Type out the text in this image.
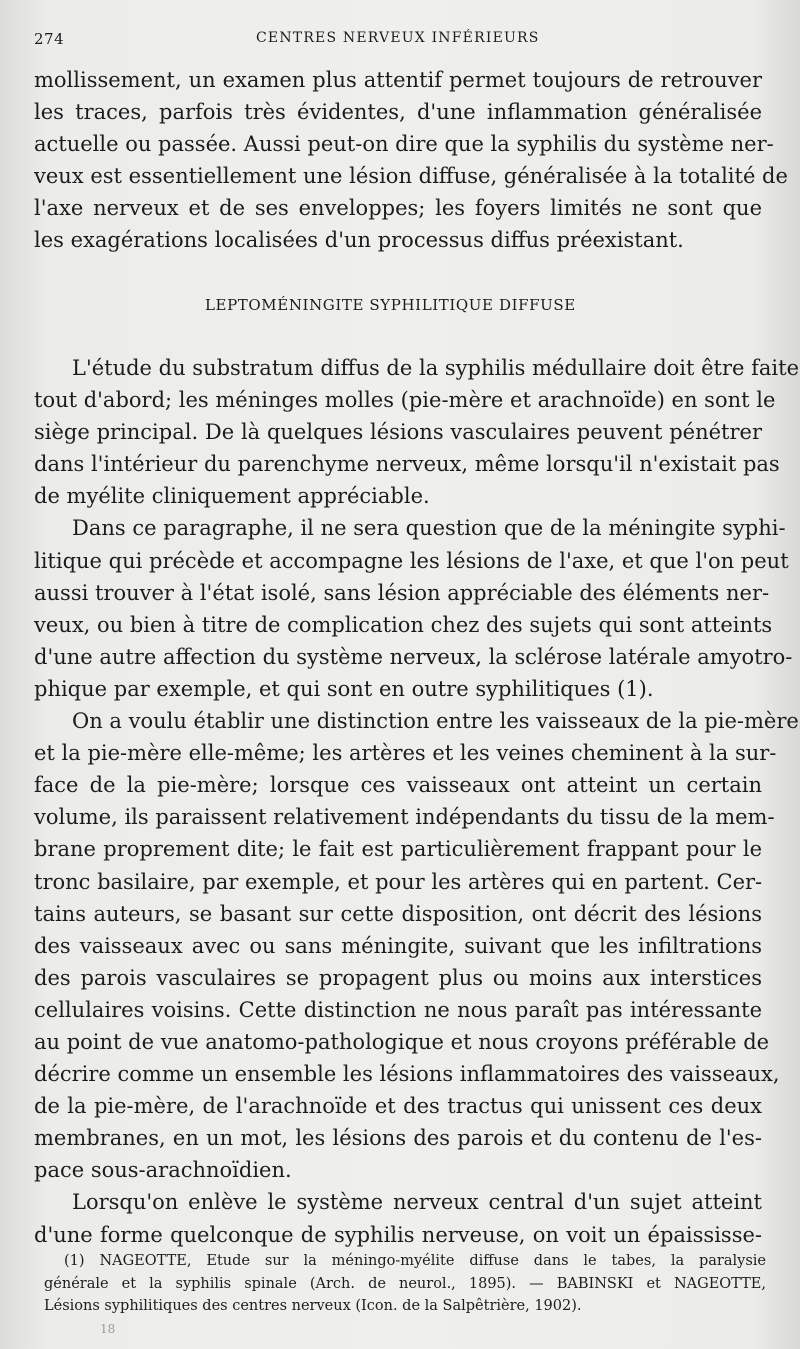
274	CENTRES NERVEUX INFÉRIEURS
mollissement, un examen plus attentif permet toujours de retrouver
les traces, parfois très évidentes, d'une inflammation généralisée
actuelle ou passée. Aussi peut-on dire que la syphilis du système ner-
veux est essentiellement une lésion diffuse, généralisée à la totalité de
l'axe nerveux et de ses enveloppes; les foyers limités ne sont que
les exagérations localisées d'un processus diffus préexistant.
LEPTOMÉNINGITE SYPHILITIQUE DIFFUSE
L'étude du substratum diffus de la syphilis médullaire doit être faite
tout d'abord; les méninges molles (pie-mère et arachnoïde) en sont le
siège principal. De là quelques lésions vasculaires peuvent pénétrer
dans l'intérieur du parenchyme nerveux, même lorsqu'il n'existait pas
de myélite cliniquement appréciable.
Dans ce paragraphe, il ne sera question que de la méningite syphi-
litique qui précède et accompagne les lésions de l'axe, et que l'on peut
aussi trouver à l'état isolé, sans lésion appréciable des éléments ner-
veux, ou bien à titre de complication chez des sujets qui sont atteints
d'une autre affection du système nerveux, la sclérose latérale amyotro-
phique par exemple, et qui sont en outre syphilitiques (1).
On a voulu établir une distinction entre les vaisseaux de la pie-mère
et la pie-mère elle-même; les artères et les veines cheminent à la sur-
face de la pie-mère; lorsque ces vaisseaux ont atteint un certain
volume, ils paraissent relativement indépendants du tissu de la mem-
brane proprement dite; le fait est particulièrement frappant pour le
tronc basilaire, par exemple, et pour les artères qui en partent. Cer-
tains auteurs, se basant sur cette disposition, ont décrit des lésions
des vaisseaux avec ou sans méningite, suivant que les infiltrations
des parois vasculaires se propagent plus ou moins aux interstices
cellulaires voisins. Cette distinction ne nous paraît pas intéressante
au point de vue anatomo-pathologique et nous croyons préférable de
décrire comme un ensemble les lésions inflammatoires des vaisseaux,
de la pie-mère, de l'arachnoïde et des tractus qui unissent ces deux
membranes, en un mot, les lésions des parois et du contenu de l'es-
pace sous-arachnoïdien.
Lorsqu'on enlève le système nerveux central d'un sujet atteint
d'une forme quelconque de syphilis nerveuse, on voit un épaississe-
(1) NAGEOTTE, Etude sur la méningo-myélite diffuse dans le tabes, la paralysie
générale et la syphilis spinale (Arch. de neurol., 1895). — BABINSKI et NAGEOTTE,
Lésions syphilitiques des centres nerveux (Icon. de la Salpêtrière, 1902).
18
